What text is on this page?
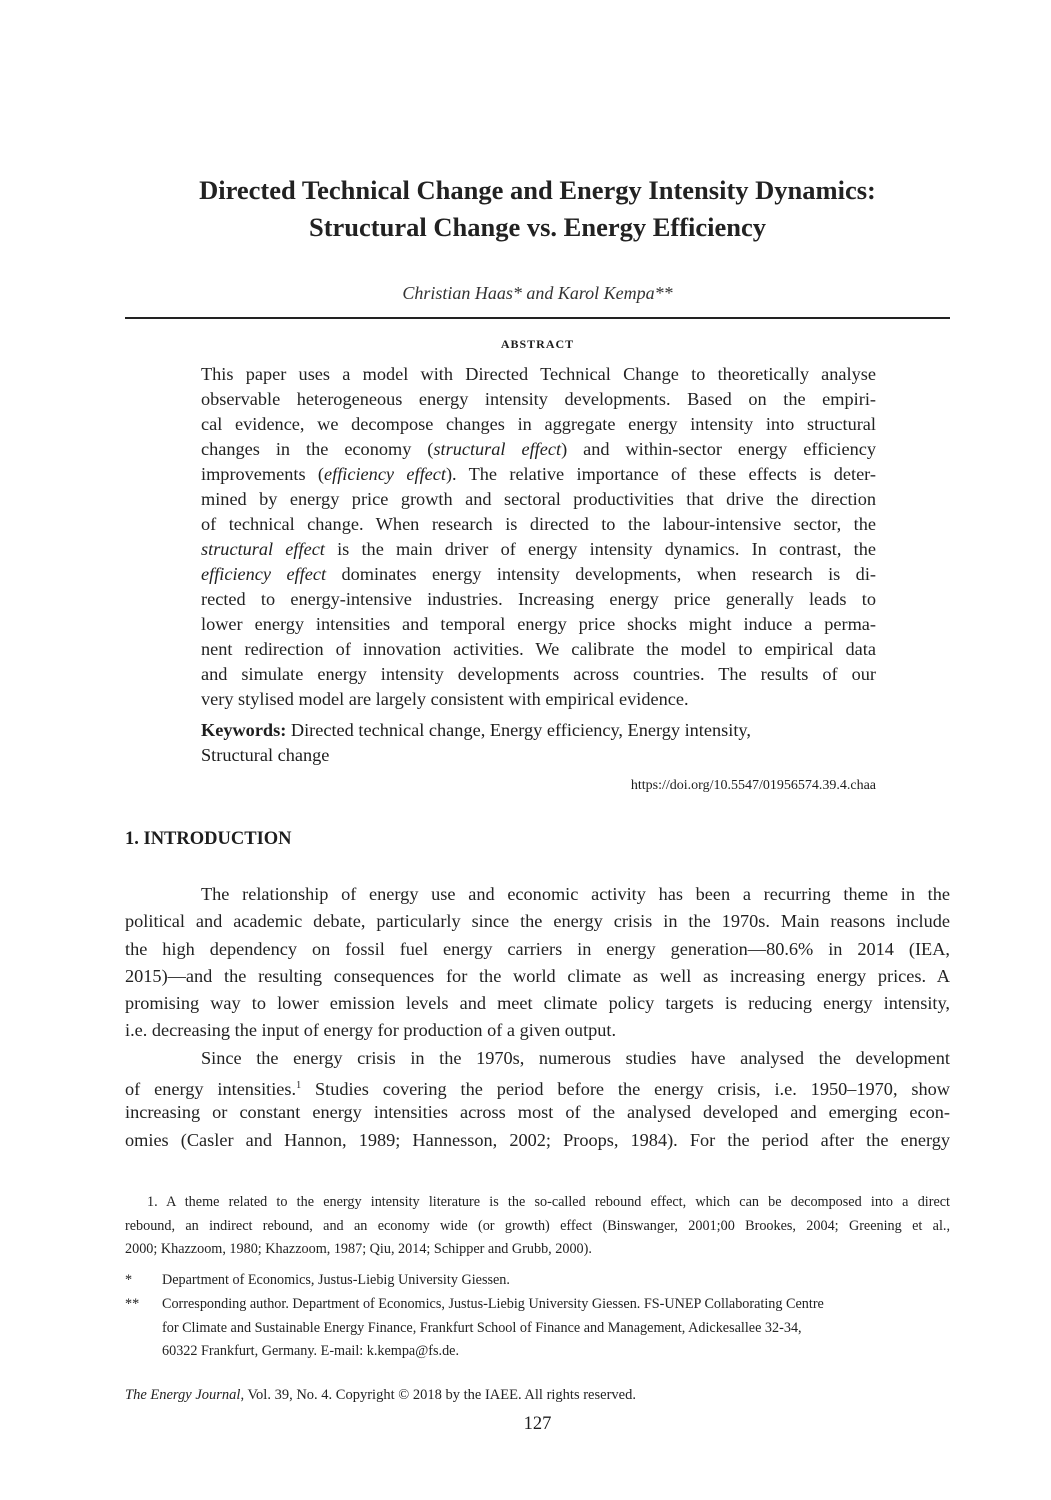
Directed Technical Change and Energy Intensity Dynamics:
Structural Change vs. Energy Efficiency
Christian Haas* and Karol Kempa**
ABSTRACT
This paper uses a model with Directed Technical Change to theoretically analyse
observable heterogeneous energy intensity developments. Based on the empiri-
cal evidence, we decompose changes in aggregate energy intensity into structural
changes in the economy (structural effect) and within-sector energy efficiency
improvements (efficiency effect). The relative importance of these effects is deter-
mined by energy price growth and sectoral productivities that drive the direction
of technical change. When research is directed to the labour-intensive sector, the
structural effect is the main driver of energy intensity dynamics. In contrast, the
efficiency effect dominates energy intensity developments, when research is di-
rected to energy-intensive industries. Increasing energy price generally leads to
lower energy intensities and temporal energy price shocks might induce a perma-
nent redirection of innovation activities. We calibrate the model to empirical data
and simulate energy intensity developments across countries. The results of our
very stylised model are largely consistent with empirical evidence.
Keywords: Directed technical change, Energy efficiency, Energy intensity,
Structural change
https://doi.org/10.5547/01956574.39.4.chaa
1. INTRODUCTION
The relationship of energy use and economic activity has been a recurring theme in the
political and academic debate, particularly since the energy crisis in the 1970s. Main reasons include
the high dependency on fossil fuel energy carriers in energy generation—80.6% in 2014 (IEA,
2015)—and the resulting consequences for the world climate as well as increasing energy prices. A
promising way to lower emission levels and meet climate policy targets is reducing energy intensity,
i.e. decreasing the input of energy for production of a given output.
Since the energy crisis in the 1970s, numerous studies have analysed the development
of energy intensities.$^1$ Studies covering the period before the energy crisis, i.e. 1950–1970, show
increasing or constant energy intensities across most of the analysed developed and emerging econ-
omies (Casler and Hannon, 1989; Hannesson, 2002; Proops, 1984). For the period after the energy
1. A theme related to the energy intensity literature is the so-called rebound effect, which can be decomposed into a direct
rebound, an indirect rebound, and an economy wide (or growth) effect (Binswanger, 2001;00 Brookes, 2004; Greening et al.,
2000; Khazzoom, 1980; Khazzoom, 1987; Qiu, 2014; Schipper and Grubb, 2000).
* Department of Economics, Justus-Liebig University Giessen.
** Corresponding author. Department of Economics, Justus-Liebig University Giessen. FS-UNEP Collaborating Centre
for Climate and Sustainable Energy Finance, Frankfurt School of Finance and Management, Adickesallee 32-34,
60322 Frankfurt, Germany. E-mail: k.kempa@fs.de.
The Energy Journal, Vol. 39, No. 4. Copyright © 2018 by the IAEE. All rights reserved.
127
